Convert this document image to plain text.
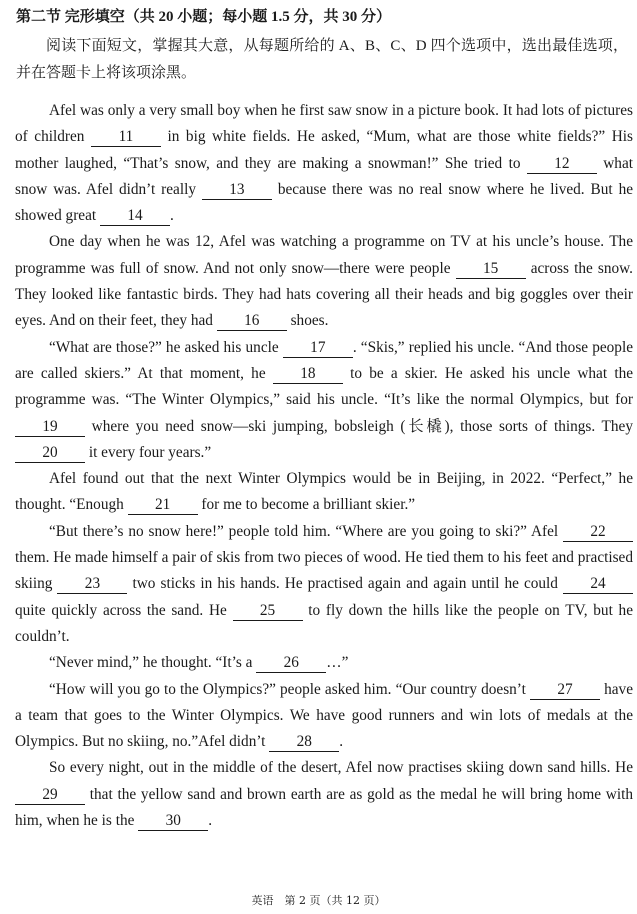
第二节 完形填空（共 20 小题；每小题 1.5 分，共 30 分）
阅读下面短文，掌握其大意，从每题所给的 A、B、C、D 四个选项中，选出最佳选项，并在答题卡上将该项涂黑。

Afel was only a very small boy when he first saw snow in a picture book. It had lots of pictures of children 11 in big white fields. He asked, “Mum, what are those white fields?” His mother laughed, “That’s snow, and they are making a snowman!” She tried to 12 what snow was. Afel didn’t really 13 because there was no real snow where he lived. But he showed great 14 .

One day when he was 12, Afel was watching a programme on TV at his uncle’s house. The programme was full of snow. And not only snow—there were people 15 across the snow. They looked like fantastic birds. They had hats covering all their heads and big goggles over their eyes. And on their feet, they had 16 shoes.

“What are those?” he asked his uncle 17 . “Skis,” replied his uncle. “And those people are called skiers.” At that moment, he 18 to be a skier. He asked his uncle what the programme was. “The Winter Olympics,” said his uncle. “It’s like the normal Olympics, but for 19 where you need snow—ski jumping, bobsleigh (长橇), those sorts of things. They 20 it every four years.”

Afel found out that the next Winter Olympics would be in Beijing, in 2022. “Perfect,” he thought. “Enough 21 for me to become a brilliant skier.”

“But there’s no snow here!” people told him. “Where are you going to ski?” Afel 22 them. He made himself a pair of skis from two pieces of wood. He tied them to his feet and practised skiing 23 two sticks in his hands. He practised again and again until he could 24 quite quickly across the sand. He 25 to fly down the hills like the people on TV, but he couldn’t.

“Never mind,” he thought. “It’s a 26 …”

“How will you go to the Olympics?” people asked him. “Our country doesn’t 27 have a team that goes to the Winter Olympics. We have good runners and win lots of medals at the Olympics. But no skiing, no.”Afel didn’t 28 .

So every night, out in the middle of the desert, Afel now practises skiing down sand hills. He 29 that the yellow sand and brown earth are as gold as the medal he will bring home with him, when he is the 30 .

英语　第 2 页（共 12 页）
